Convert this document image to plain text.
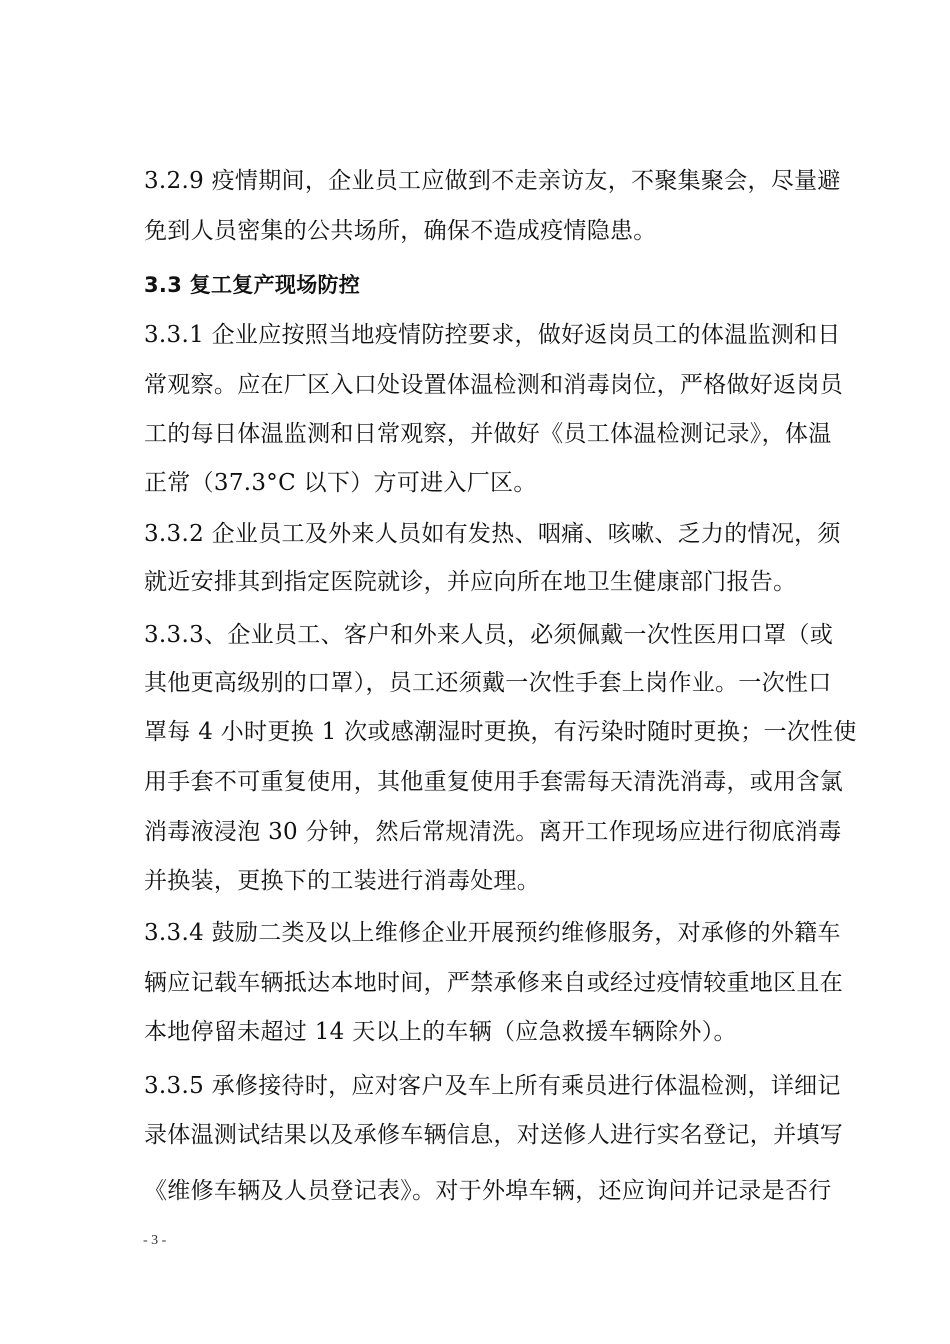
3.2.9 疫情期间，企业员工应做到不走亲访友，不聚集聚会，尽量避
免到人员密集的公共场所，确保不造成疫情隐患。
3.3 复工复产现场防控
3.3.1 企业应按照当地疫情防控要求，做好返岗员工的体温监测和日
常观察。应在厂区入口处设置体温检测和消毒岗位，严格做好返岗员
工的每日体温监测和日常观察，并做好《员工体温检测记录》，体温
正常（37.3°C 以下）方可进入厂区。
3.3.2 企业员工及外来人员如有发热、咽痛、咳嗽、乏力的情况，须
就近安排其到指定医院就诊，并应向所在地卫生健康部门报告。
3.3.3、企业员工、客户和外来人员，必须佩戴一次性医用口罩（或
其他更高级别的口罩），员工还须戴一次性手套上岗作业。一次性口
罩每 4 小时更换 1 次或感潮湿时更换，有污染时随时更换；一次性使
用手套不可重复使用，其他重复使用手套需每天清洗消毒，或用含氯
消毒液浸泡 30 分钟，然后常规清洗。离开工作现场应进行彻底消毒
并换装，更换下的工装进行消毒处理。
3.3.4 鼓励二类及以上维修企业开展预约维修服务，对承修的外籍车
辆应记载车辆抵达本地时间，严禁承修来自或经过疫情较重地区且在
本地停留未超过 14 天以上的车辆（应急救援车辆除外）。
3.3.5 承修接待时，应对客户及车上所有乘员进行体温检测，详细记
录体温测试结果以及承修车辆信息，对送修人进行实名登记，并填写
《维修车辆及人员登记表》。对于外埠车辆，还应询问并记录是否行
- 3 -
